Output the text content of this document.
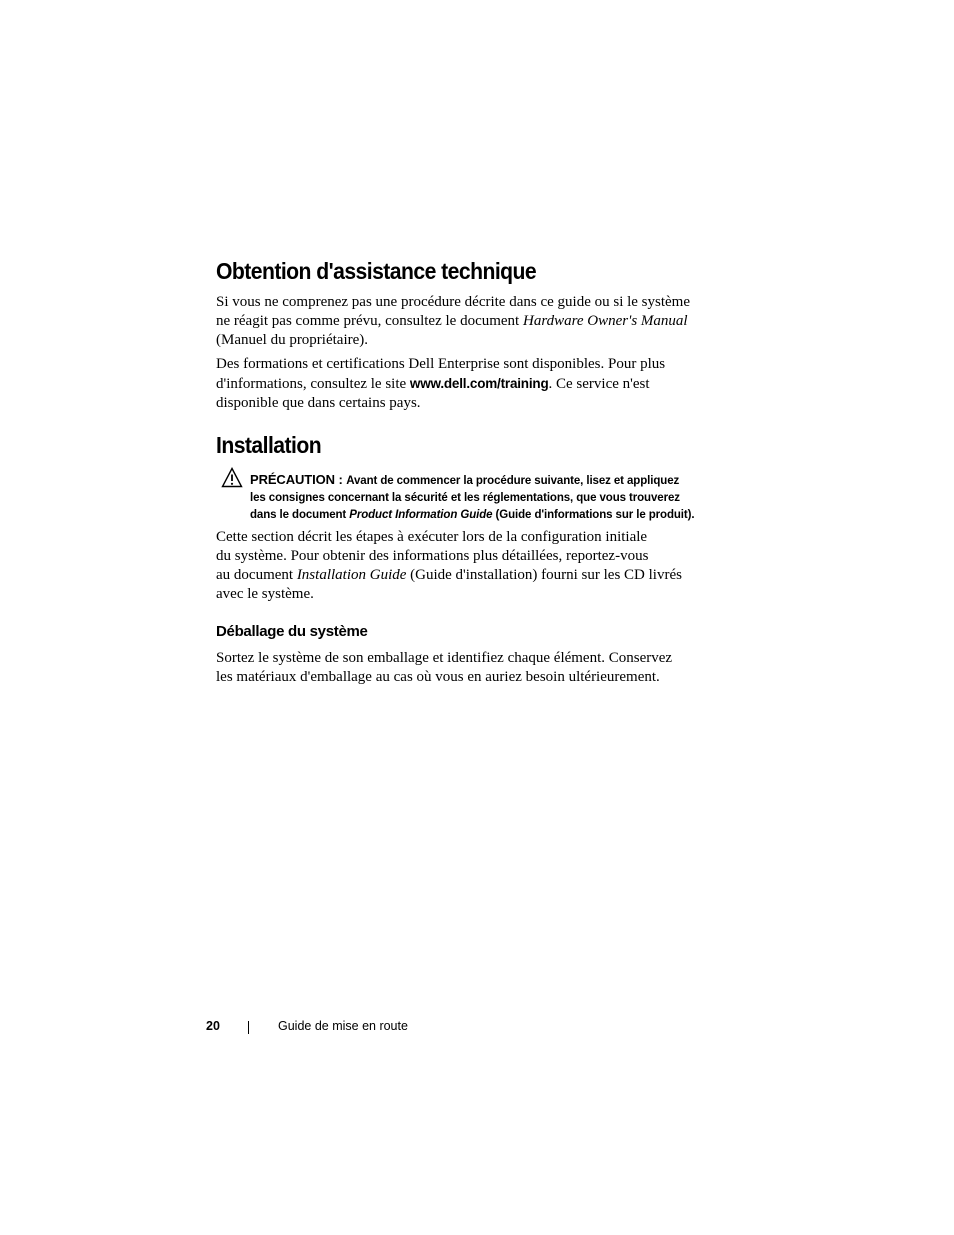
Obtention d'assistance technique
Si vous ne comprenez pas une procédure décrite dans ce guide ou si le système
ne réagit pas comme prévu, consultez le document Hardware Owner's Manual
(Manuel du propriétaire).
Des formations et certifications Dell Enterprise sont disponibles. Pour plus
d'informations, consultez le site www.dell.com/training. Ce service n'est
disponible que dans certains pays.
Installation
PRÉCAUTION : Avant de commencer la procédure suivante, lisez et appliquez
les consignes concernant la sécurité et les réglementations, que vous trouverez
dans le document Product Information Guide (Guide d'informations sur le produit).
Cette section décrit les étapes à exécuter lors de la configuration initiale
du système. Pour obtenir des informations plus détaillées, reportez-vous
au document Installation Guide (Guide d'installation) fourni sur les CD livrés
avec le système.
Déballage du système
Sortez le système de son emballage et identifiez chaque élément. Conservez
les matériaux d'emballage au cas où vous en auriez besoin ultérieurement.
20	Guide de mise en route
